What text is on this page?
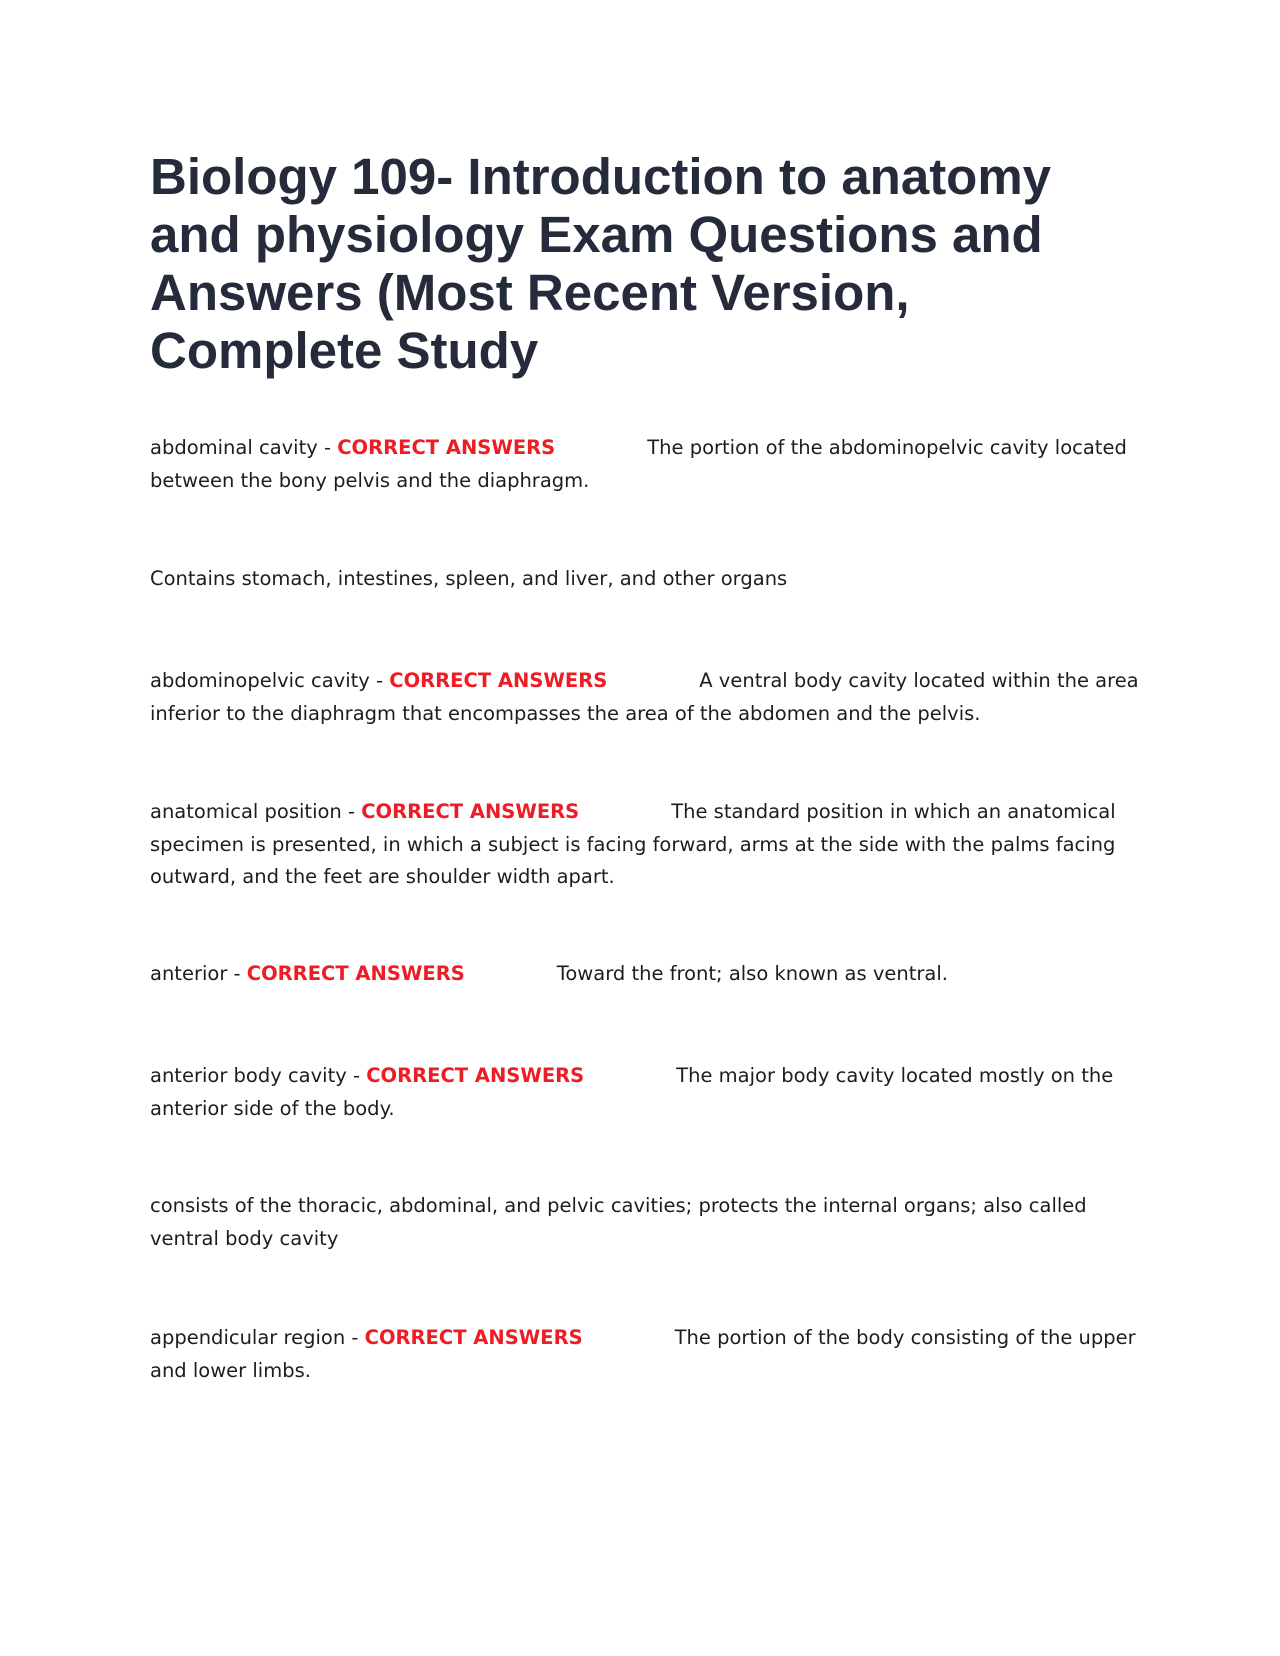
Biology 109- Introduction to anatomy
and physiology Exam Questions and
Answers (Most Recent Version,
Complete Study

abdominal cavity - CORRECT ANSWERS	The portion of the abdominopelvic cavity located between the bony pelvis and the diaphragm.

Contains stomach, intestines, spleen, and liver, and other organs

abdominopelvic cavity - CORRECT ANSWERS	A ventral body cavity located within the area inferior to the diaphragm that encompasses the area of the abdomen and the pelvis.

anatomical position - CORRECT ANSWERS	The standard position in which an anatomical specimen is presented, in which a subject is facing forward, arms at the side with the palms facing outward, and the feet are shoulder width apart.

anterior - CORRECT ANSWERS	Toward the front; also known as ventral.

anterior body cavity - CORRECT ANSWERS	The major body cavity located mostly on the anterior side of the body.

consists of the thoracic, abdominal, and pelvic cavities; protects the internal organs; also called ventral body cavity

appendicular region - CORRECT ANSWERS	The portion of the body consisting of the upper and lower limbs.
